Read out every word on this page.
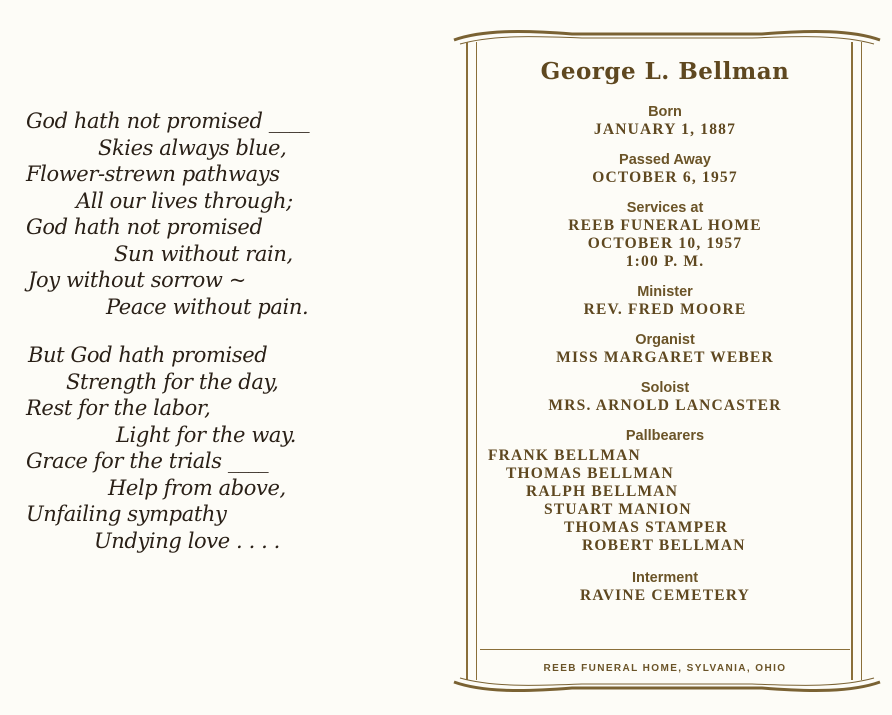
God hath not promised ____
Skies always blue,
Flower-strewn pathways
All our lives through;
God hath not promised
Sun without rain,
Joy without sorrow ~
Peace without pain.
But God hath promised
Strength for the day,
Rest for the labor,
Light for the way.
Grace for the trials ____
Help from above,
Unfailing sympathy
Undying love . . . .
George L. Bellman
Born
JANUARY 1, 1887
Passed Away
OCTOBER 6, 1957
Services at
REEB FUNERAL HOME
OCTOBER 10, 1957
1:00 P. M.
Minister
REV. FRED MOORE
Organist
MISS MARGARET WEBER
Soloist
MRS. ARNOLD LANCASTER
Pallbearers
FRANK BELLMAN
THOMAS BELLMAN
RALPH BELLMAN
STUART MANION
THOMAS STAMPER
ROBERT BELLMAN
Interment
RAVINE CEMETERY
REEB FUNERAL HOME, SYLVANIA, OHIO
